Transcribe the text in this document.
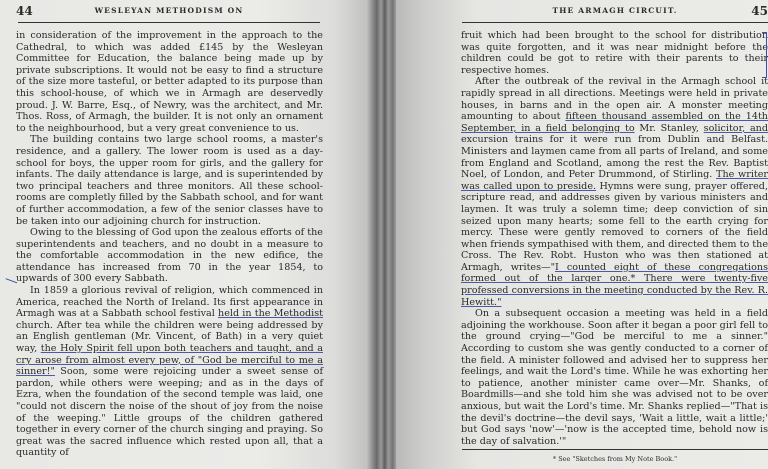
44	WESLEYAN METHODISM ON

in consideration of the improvement in the approach to the Cathedral, to which was added £145 by the Wesleyan Committee for Education, the balance being made up by private subscriptions. It would not be easy to find a structure of the size more tasteful, or better adapted to its purpose than this school-house, of which we in Armagh are deservedly proud. J. W. Barre, Esq., of Newry, was the architect, and Mr. Thos. Ross, of Armagh, the builder. It is not only an ornament to the neighbourhood, but a very great convenience to us.

The building contains two large school rooms, a master's residence, and a gallery. The lower room is used as a day-school for boys, the upper room for girls, and the gallery for infants. The daily attendance is large, and is superintended by two principal teachers and three monitors. All these school-rooms are completly filled by the Sabbath school, and for want of further accommodation, a few of the senior classes have to be taken into our adjoining church for instruction.

Owing to the blessing of God upon the zealous efforts of the superintendents and teachers, and no doubt in a measure to the comfortable accommodation in the new edifice, the attendance has increased from 70 in the year 1854, to upwards of 300 every Sabbath.

In 1859 a glorious revival of religion, which commenced in America, reached the North of Ireland. Its first appearance in Armagh was at a Sabbath school festival held in the Methodist church. After tea while the children were being addressed by an English gentleman (Mr. Vincent, of Bath) in a very quiet way, the Holy Spirit fell upon both teachers and taught, and a cry arose from almost every pew, of "God be merciful to me a sinner!" Soon, some were rejoicing under a sweet sense of pardon, while others were weeping; and as in the days of Ezra, when the foundation of the second temple was laid, one "could not discern the noise of the shout of joy from the noise of the weeping." Little groups of the children gathered together in every corner of the church singing and praying. So great was the sacred influence which rested upon all, that a quantity of

THE ARMAGH CIRCUIT.	45

fruit which had been brought to the school for distribution was quite forgotten, and it was near midnight before the children could be got to retire with their parents to their respective homes.

After the outbreak of the revival in the Armagh school it rapidly spread in all directions. Meetings were held in private houses, in barns and in the open air. A monster meeting amounting to about fifteen thousand assembled on the 14th September, in a field belonging to Mr. Stanley, solicitor, and excursion trains for it were run from Dublin and Belfast. Ministers and laymen came from all parts of Ireland, and some from England and Scotland, among the rest the Rev. Baptist Noel, of London, and Peter Drummond, of Stirling. The writer was called upon to preside. Hymns were sung, prayer offered, scripture read, and addresses given by various ministers and laymen. It was truly a solemn time; deep conviction of sin seized upon many hearts; some fell to the earth crying for mercy. These were gently removed to corners of the field when friends sympathised with them, and directed them to the Cross. The Rev. Robt. Huston who was then stationed at Armagh, writes—"I counted eight of these congregations formed out of the larger one.* There were twenty-five professed conversions in the meeting conducted by the Rev. R. Hewitt."

On a subsequent occasion a meeting was held in a field adjoining the workhouse. Soon after it began a poor girl fell to the ground crying—"God be merciful to me a sinner." According to custom she was gently conducted to a corner of the field. A minister followed and advised her to suppress her feelings, and wait the Lord's time. While he was exhorting her to patience, another minister came over—Mr. Shanks, of Boardmills—and she told him she was advised not to be over anxious, but wait the Lord's time. Mr. Shanks replied—"That is the devil's doctrine—the devil says, 'Wait a little, wait a little;' but God says 'now'—'now is the accepted time, behold now is the day of salvation.'"

* See "Sketches from My Note Book."
